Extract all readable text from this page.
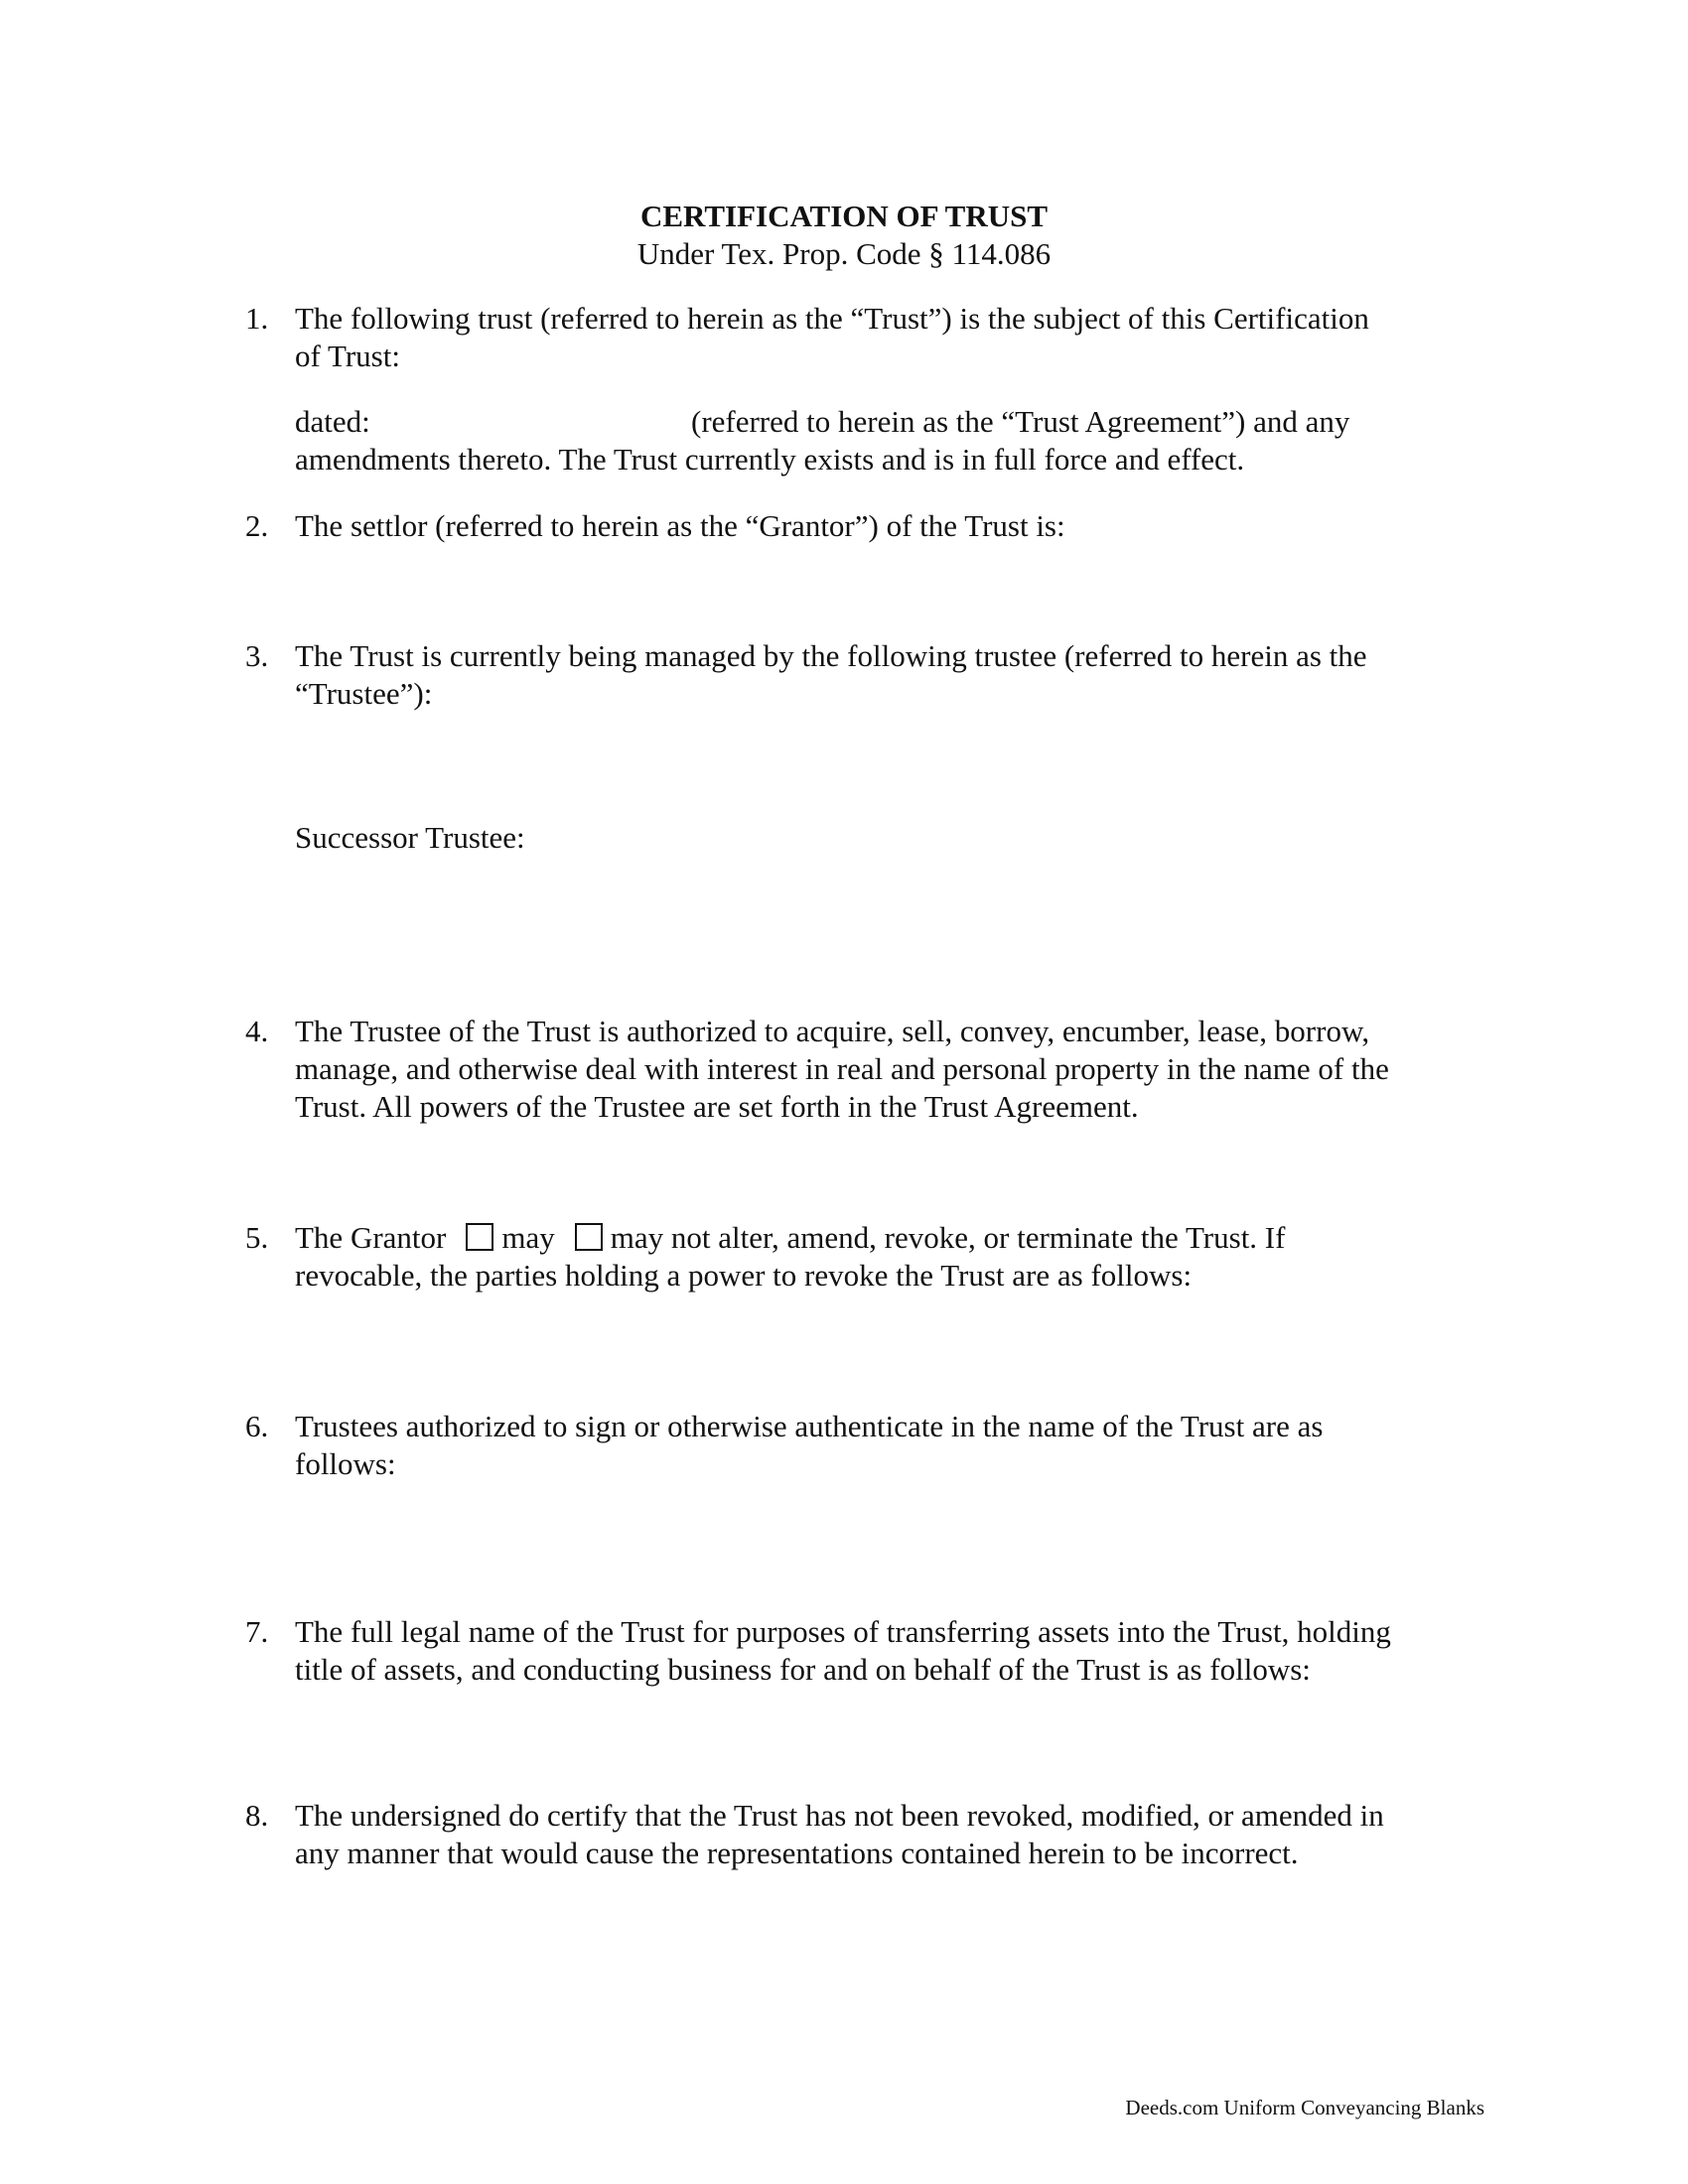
CERTIFICATION OF TRUST
Under Tex. Prop. Code § 114.086
1. The following trust (referred to herein as the “Trust”) is the subject of this Certification
of Trust:
dated:	(referred to herein as the “Trust Agreement”) and any
amendments thereto. The Trust currently exists and is in full force and effect.
2. The settlor (referred to herein as the “Grantor”) of the Trust is:
3. The Trust is currently being managed by the following trustee (referred to herein as the
“Trustee”):
Successor Trustee:
4. The Trustee of the Trust is authorized to acquire, sell, convey, encumber, lease, borrow,
manage, and otherwise deal with interest in real and personal property in the name of the
Trust. All powers of the Trustee are set forth in the Trust Agreement.
5. The Grantor may may not alter, amend, revoke, or terminate the Trust. If
revocable, the parties holding a power to revoke the Trust are as follows:
6. Trustees authorized to sign or otherwise authenticate in the name of the Trust are as
follows:
7. The full legal name of the Trust for purposes of transferring assets into the Trust, holding
title of assets, and conducting business for and on behalf of the Trust is as follows:
8. The undersigned do certify that the Trust has not been revoked, modified, or amended in
any manner that would cause the representations contained herein to be incorrect.
Deeds.com Uniform Conveyancing Blanks
